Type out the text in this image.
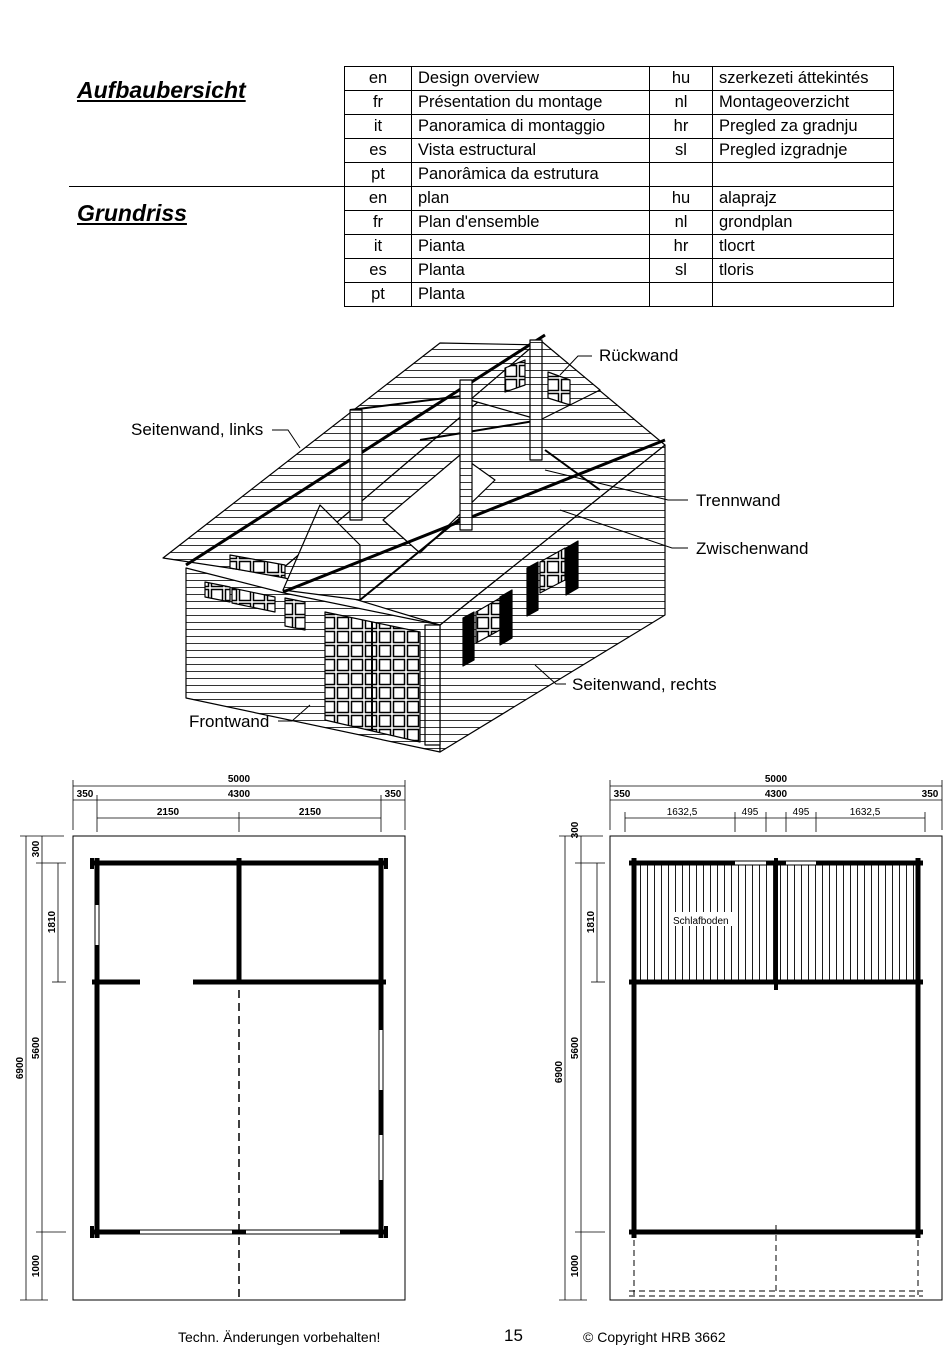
Aufbaubersicht
Grundriss
en	Design overview	hu	szerkezeti áttekintés
fr	Présentation du montage	nl	Montageoverzicht
it	Panoramica di montaggio	hr	Pregled za gradnju
es	Vista estructural	sl	Pregled izgradnje
pt	Panorâmica da estrutura		
en	plan	hu	alaprajz
fr	Plan d'ensemble	nl	grondplan
it	Pianta	hr	tlocrt
es	Planta	sl	tloris
pt	Planta		
5000
350	4300	350
2150	2150
6900
300
1810
5600
1000
5000
350	4300	350
1632,5	495	495	1632,5
6900
300
1810
5600
1000
Schlafboden
Rückwand
Seitenwand, links
Trennwand
Zwischenwand
Seitenwand, rechts
Frontwand
Techn. Änderungen vorbehalten!	15	© Copyright HRB 3662
